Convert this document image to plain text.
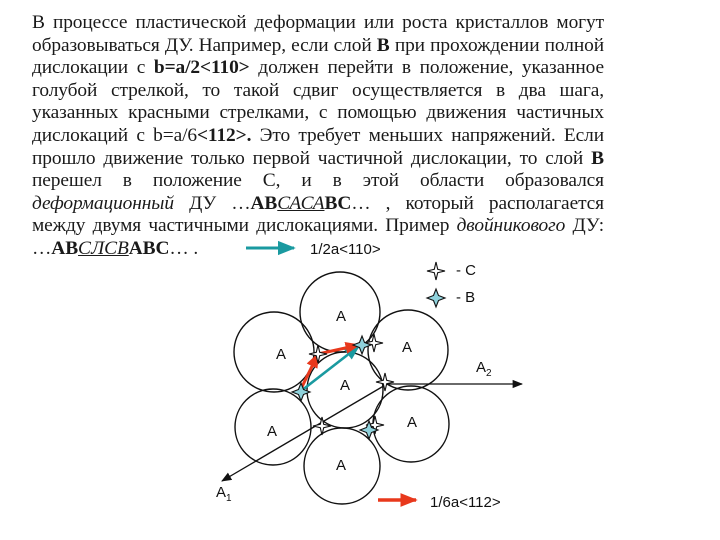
В процессе пластической деформации или роста кристаллов могут образовываться ДУ. Например, если слой В при прохождении полной дислокации с b=a/2<110> должен перейти в положение, указанное голубой стрелкой, то такой сдвиг осуществляется в два шага, указанных красными стрелками, с помощью движения частичных дислокаций с b=a/6<112>. Это требует меньших напряжений. Если прошло движение только первой частичной дислокации, то слой В перешел в положение С, и в этой области образовался деформационный ДУ …АВСАСАВС… , который располагается между двумя частичными дислокациями. Пример двойникового ДУ: …АВСЛСВАВС… .	1/2a<110>
1/6a<112>
- C
- B
A
A	A
A
A
A
A
$A_2$
$A_1$
